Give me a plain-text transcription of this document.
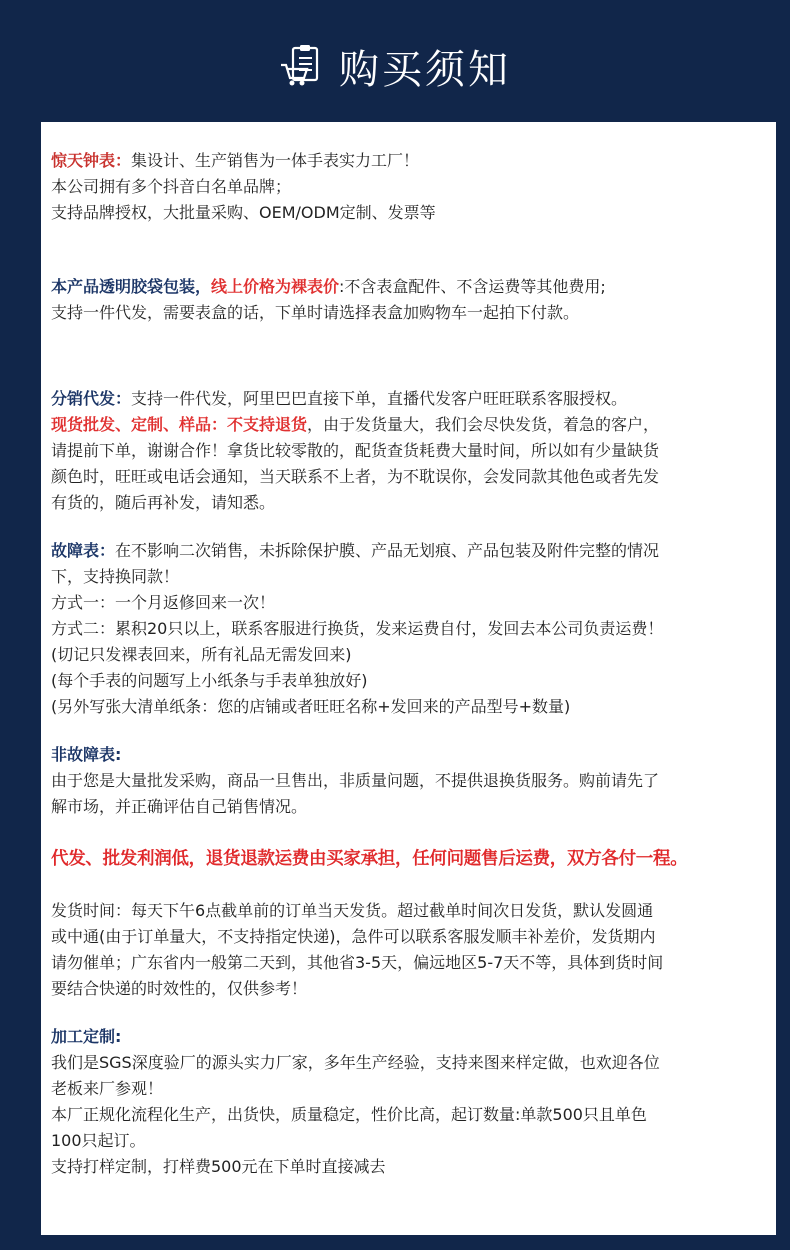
购买须知
惊天钟表：集设计、生产销售为一体手表实力工厂！
本公司拥有多个抖音白名单品牌；
支持品牌授权，大批量采购、OEM/ODM定制、发票等
本产品透明胶袋包装，线上价格为裸表价:不含表盒配件、不含运费等其他费用;
支持一件代发，需要表盒的话，下单时请选择表盒加购物车一起拍下付款。
分销代发：支持一件代发，阿里巴巴直接下单，直播代发客户旺旺联系客服授权。
现货批发、定制、样品：不支持退货，由于发货量大，我们会尽快发货，着急的客户，
请提前下单，谢谢合作！拿货比较零散的，配货查货耗费大量时间，所以如有少量缺货
颜色时，旺旺或电话会通知，当天联系不上者，为不耽误你，会发同款其他色或者先发
有货的，随后再补发，请知悉。
故障表：在不影响二次销售，未拆除保护膜、产品无划痕、产品包装及附件完整的情况
下，支持换同款！
方式一：一个月返修回来一次！
方式二：累积20只以上，联系客服进行换货，发来运费自付，发回去本公司负责运费！
(切记只发裸表回来，所有礼品无需发回来)
(每个手表的问题写上小纸条与手表单独放好)
(另外写张大清单纸条：您的店铺或者旺旺名称+发回来的产品型号+数量)
非故障表:
由于您是大量批发采购，商品一旦售出，非质量问题，不提供退换货服务。购前请先了
解市场，并正确评估自己销售情况。
代发、批发利润低，退货退款运费由买家承担，任何问题售后运费，双方各付一程。
发货时间：每天下午6点截单前的订单当天发货。超过截单时间次日发货，默认发圆通
或中通(由于订单量大，不支持指定快递)，急件可以联系客服发顺丰补差价，发货期内
请勿催单；广东省内一般第二天到，其他省3-5天，偏远地区5-7天不等，具体到货时间
要结合快递的时效性的，仅供参考！
加工定制:
我们是SGS深度验厂的源头实力厂家，多年生产经验，支持来图来样定做，也欢迎各位
老板来厂参观！
本厂正规化流程化生产，出货快，质量稳定，性价比高，起订数量:单款500只且单色
100只起订。
支持打样定制，打样费500元在下单时直接减去
